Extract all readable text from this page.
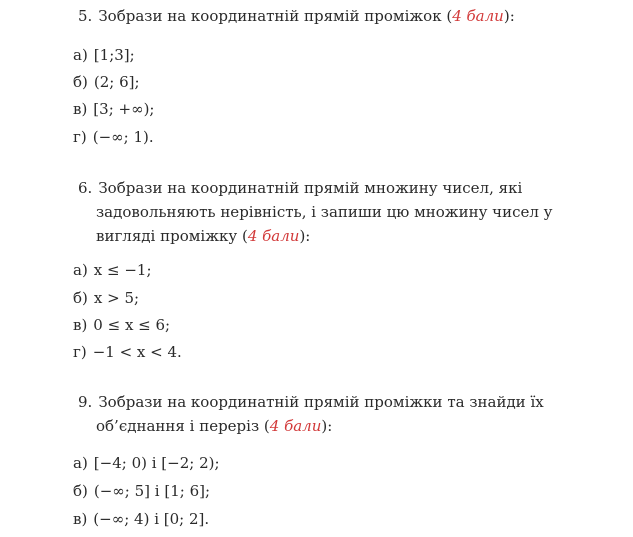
5. Зобрази на координатній прямій проміжок (4 бали):
а) [1;3];
б) (2; 6];
в) [3; +∞);
г) (−∞; 1).
6. Зобрази на координатній прямій множину чисел, які
задовольняють нерівність, і запиши цю множину чисел у
вигляді проміжку (4 бали):
а) x ≤ −1;
б) x > 5;
в) 0 ≤ x ≤ 6;
г) −1 < x < 4.
9. Зобрази на координатній прямій проміжки та знайди їх
об’єднання і переріз (4 бали):
а) [−4; 0) і [−2; 2);
б) (−∞; 5] і [1; 6];
в) (−∞; 4) і [0; 2].
